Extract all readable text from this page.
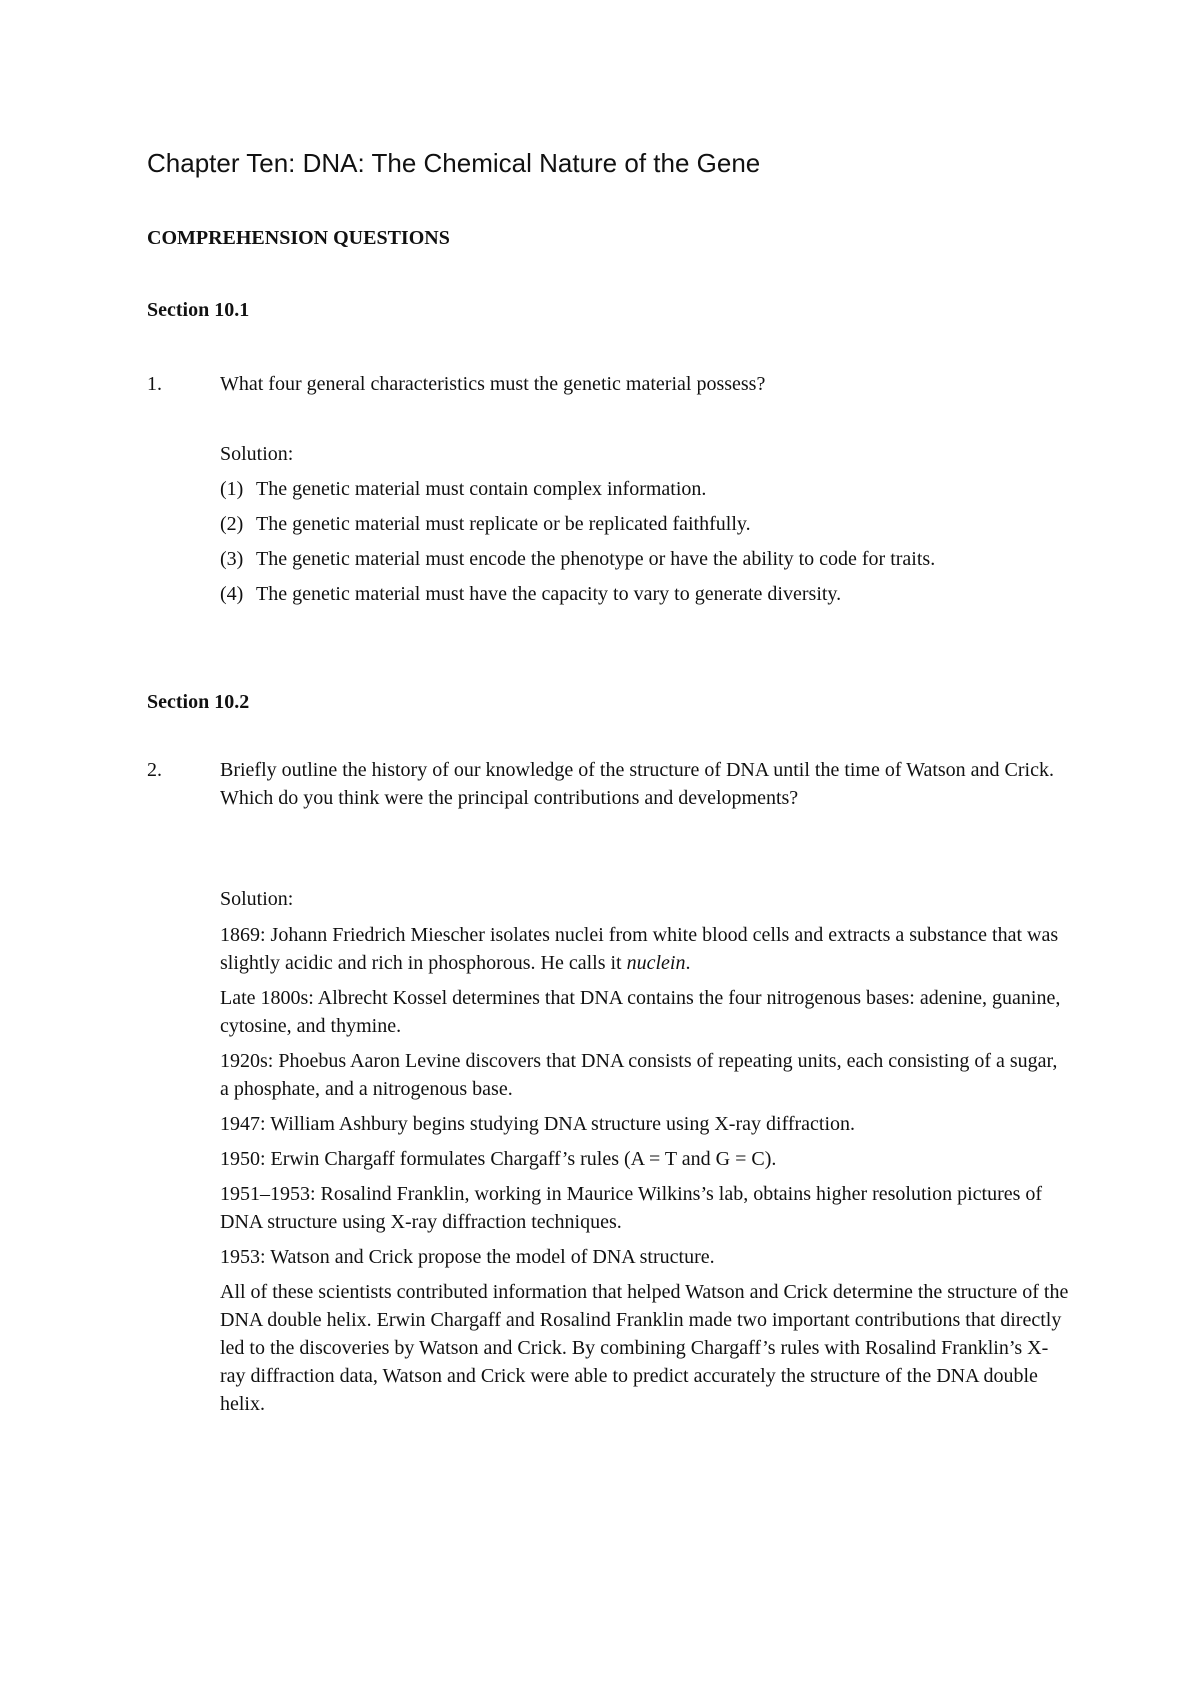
Chapter Ten: DNA: The Chemical Nature of the Gene
COMPREHENSION QUESTIONS
Section 10.1
1.	What four general characteristics must the genetic material possess?
Solution:
(1) The genetic material must contain complex information.
(2) The genetic material must replicate or be replicated faithfully.
(3) The genetic material must encode the phenotype or have the ability to code for traits.
(4) The genetic material must have the capacity to vary to generate diversity.
Section 10.2
2.	Briefly outline the history of our knowledge of the structure of DNA until the time of Watson and Crick. Which do you think were the principal contributions and developments?
Solution:
1869: Johann Friedrich Miescher isolates nuclei from white blood cells and extracts a substance that was slightly acidic and rich in phosphorous. He calls it nuclein.
Late 1800s: Albrecht Kossel determines that DNA contains the four nitrogenous bases: adenine, guanine, cytosine, and thymine.
1920s: Phoebus Aaron Levine discovers that DNA consists of repeating units, each consisting of a sugar, a phosphate, and a nitrogenous base.
1947: William Ashbury begins studying DNA structure using X-ray diffraction.
1950: Erwin Chargaff formulates Chargaff’s rules (A = T and G = C).
1951–1953: Rosalind Franklin, working in Maurice Wilkins’s lab, obtains higher resolution pictures of DNA structure using X-ray diffraction techniques.
1953: Watson and Crick propose the model of DNA structure.
All of these scientists contributed information that helped Watson and Crick determine the structure of the DNA double helix. Erwin Chargaff and Rosalind Franklin made two important contributions that directly led to the discoveries by Watson and Crick. By combining Chargaff’s rules with Rosalind Franklin’s X-ray diffraction data, Watson and Crick were able to predict accurately the structure of the DNA double helix.
